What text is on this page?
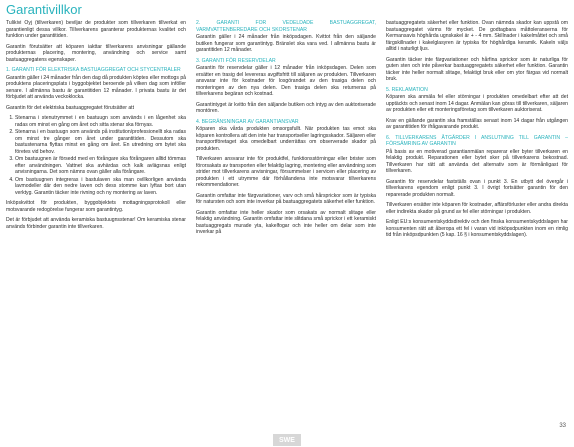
Garantivillkor

Tulikivi Oyj (tillverkaren) beviljar de produkter som tillverkaren tillverkat en garantienligt dessa villkor. Tillverkarens garanterar produkternas kvalitet och funktion under garantitiden.

Garantin förutsätter att köparen iakttar tillverkarens anvisningar gällande produkternas placering, montering, användning och service samt bastuaggregatens egenskaper.

1. GARANTI FÖR ELEKTRISKA BASTUAGGREGAT OCH STYCENTRALER

Garantin gäller i 24 månader från den dag då produkten köptes eller mottogs på produktens placeringsplats i byggobjektet beroende på vilken dag som inföller senare. I allmänna bastu är garantitiden 12 månader. I privata bastu är det förbjudet att använda veckoklocka.

Garantin för det elektriska bastuaggregatet förutsätter att

1. Stenarna i stenutrymmet i en bastuugn som används i en lågenhet ska radas om minst en gång om året och sitta stenar ska förnyas.
2. Stenarna i en bastuugn som används på institution/professionellt ska radas om minst tre gånger om året under garantitiden. Dessutom ska bastustenarna flyttas minst en gång om året. En utredning om bytet ska företes vid behov.
3. Om bastuugnen är försedd med en förångare ska förångaren alltid tömmas efter användningen. Vattnet ska avhärdas och kalk avlägsnas enligt anvisningarna. Det som nämns ovan gäller alla förångare.
4. Om bastuugnen integreras i bastulaven ska man ovillkorligen använda lavmodeller där den nedre laven och dess stomme kan lyftas bort utan verktyg. Garantin täcker inte rivning och ny montering av laven.

Inköpskvittot för produkten, byggobjektets mottagningsprotokoll eller motsvarande redogörelse fungerar som garantintyg.

Det är förbjudet att använda keramiska bastuugnsstenar! Om keramiska stenar används förbinder garantin inte tillverkaren.

2. GARANTI FÖR VEDELDADE BASTUAGGREGAT, VARMVATTENBEREDARE OCH SKORSTENAR

Garantin gäller i 24 månader från inköpsdagen. Kvittot från den säljande butiken fungerar som garantintyg. Bränslet ska vara ved. I allmänna bastu är garantitiden 12 månader.

3. GARANTI FÖR RESERVDELAR

Garantin för reservdelar gäller i 12 månader från inköpsdagen. Delen som ersätter en trasig del levereras avgiftsfritt till säljaren av produkten. Tillverkaren ansvarar inte för kostnader för losgörandet av den trasiga delen och monteringen av den nya delen. Den trasiga delen ska returneras på tillverkarens begäran och kostnad.

Garantintyget är kvitto från den säljande butiken och intyg av den auktoriserade montören.

4. BEGRÄNSNINGAR AV GARANTIANSVAR

Köparen ska vårda produkten omsorgsfullt. När produkten tas emot ska köparen kontrollera att den inte har transportseller lagringsskador. Säljaren eller transportföretaget ska omedelbart underrättas om observerade skador på produkten.

Tillverkaren ansvarar inte för produktfel, funktionsstörningar eller brister som förorsakats av transporten eller felaktig lagring, montering eller användning som strider mot tillverkarens anvisningar, försummelser i servicen eller placering av produkten i ett utrymme där förhållandena inte motsvarar tillverkarens rekommendationer.

Garantin omfattar inte färgvariationer, varv och små hårsprickor som är typiska för natursten och som inte inverkar på bastuaggregatets säkerhet eller funktion.

Garantin omfattar inte heller skador som orsakats av normalt slitage eller felaktig användning. Garantin omfattar inte slitdana små sprickor i ett keramiskt bastuaggregats murade yta, kakelfogar och inte heller om delar som inte inverkar på

bastuaggregatets säkerhet eller funktion. Ovan nämnda skador kan uppstå om bastuaggregatet värms för mycket. De godtagbara måttoleranserna för Kermansavis höghårda ugnskakel är + - 4 mm. Skillnader i kakelmåttet och små färgskillnader i kakelglasyren är typiska för höghårdiga keramik. Kakeln väljs alltid i naturligt ljus.

Garantin täcker inte färgvariationer och hårfina sprickor som är naturliga för guten sten och inte påverkar bastuaggregatets säkerhet eller funktion. Garantin täcker inte heller normalt slitage, felaktigt bruk eller om ytor färgas vid normalt bruk.

5. REKLAMATION

Köparen ska anmäla fel eller störningar i produkten omedelbart efter att det upptäckts och senast inom 14 dagar. Anmälan kan göras till tillverkaren, säljaren av produkten eller ett monteringsföretag som tillverkaren auktoriserat.

Krav en gällande garantin ska framställas senast inom 14 dagar från utgången av garantitiden för ifrågavarande produkt.

6. TILLVERKARENS ÅTGÄRDER I ANSLUTNING TILL GARANTIN – FÖRSÄMRING AV GARANTIN

På basis av en motiverad garantianmälan reparerar eller byter tillverkaren en felaktig produkt. Reparationen eller bytet sker på tillverkarens bekostnad. Tillverkaren har rätt att använda det alternativ som är förmånligast för tillverkaren.

Garantin för reservdelar fastställs ovan i punkt 3. En utbytt del övergår i tillverkarens egendom enligt punkt 3. I övrigt fortsätter garantin för den reparerade produkten normalt.

Tillverkaren ersätter inte köparen för kostnader, affärsförluster eller andra direkta eller indirekta skador på grund av fel eller störningar i produkten.

Enligt EU:s konsumentskyddsdirektiv och den finska konsumentskyddslagen har konsumenten rätt att åberopa ett fel i varan vid inköpsdpunkten inom en rimlig tid från inköpsdpunkten (5 kap. 16 § i konsumentskyddslagen).

33
SWE
